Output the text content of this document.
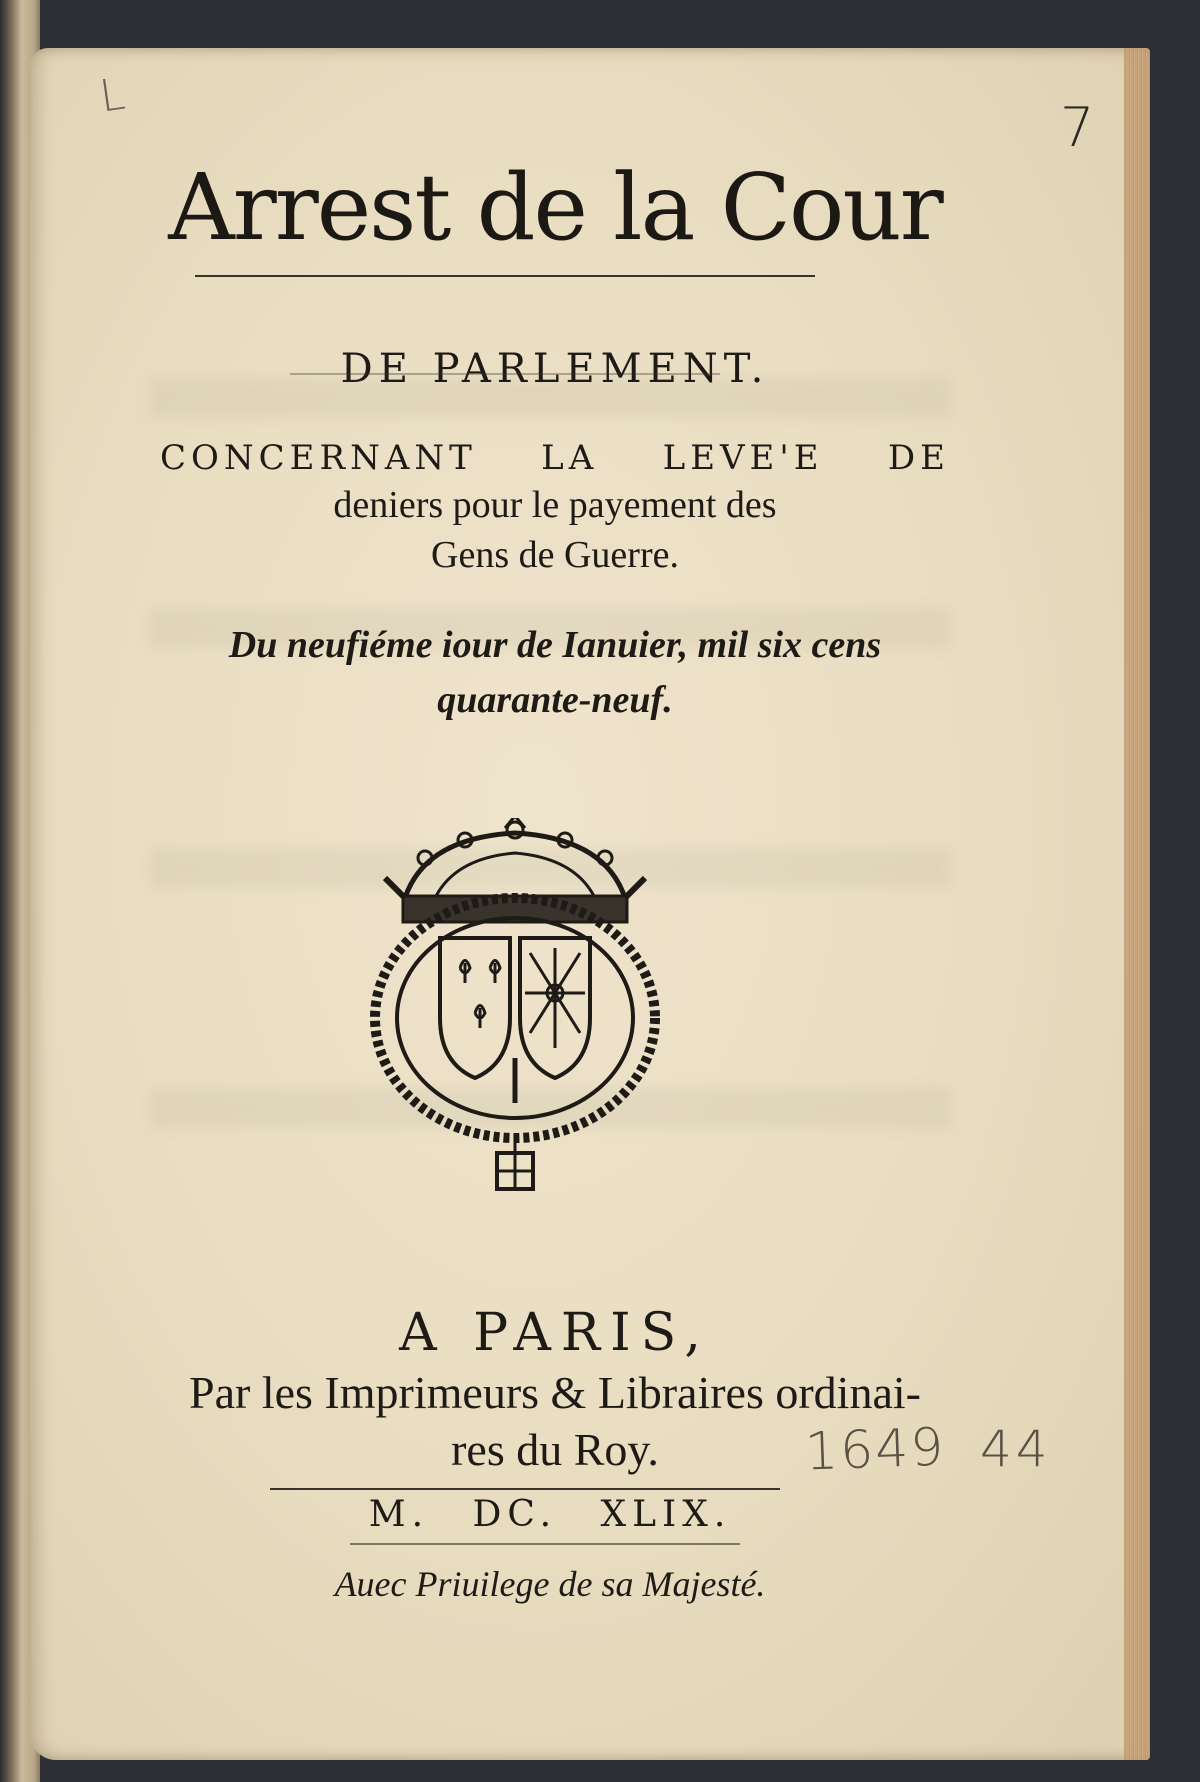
L
7
Arrest de la Cour
DE PARLEMENT.
CONCERNANT LA LEVE'E DE
deniers pour le payement des
Gens de Guerre.
Du neufiéme iour de Ianuier, mil six cens
quarante-neuf.
A PARIS,
Par les Imprimeurs & Libraires ordinai-
res du Roy.
M. DC. XLIX.
Auec Priuilege de sa Majesté.
1649 44
